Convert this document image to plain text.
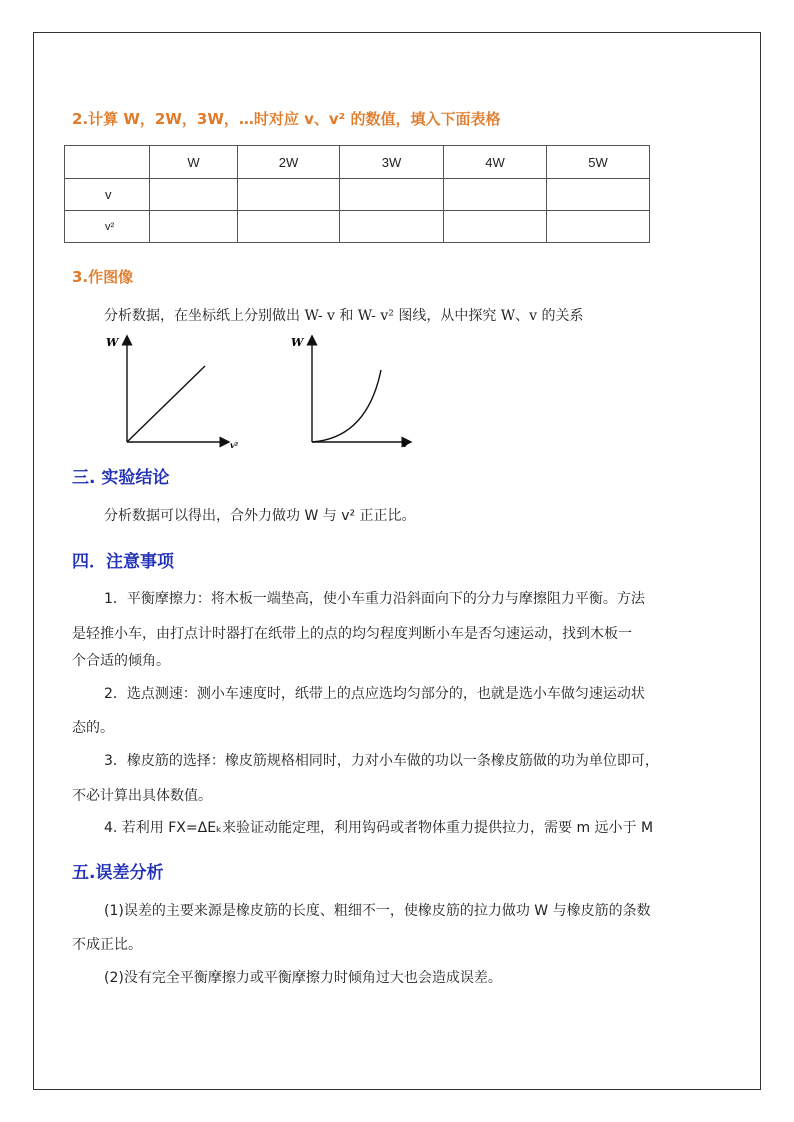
2.计算 W，2W，3W，…时对应 v、v² 的数值，填入下面表格
	W	2W	3W	4W	5W
v					
v²					
3.作图像
分析数据，在坐标纸上分别做出 W- v 和 W- v² 图线，从中探究 W、v 的关系
W
v²
W
v
三. 实验结论
分析数据可以得出，合外力做功 W 与 v² 正正比。
四．注意事项
1．平衡摩擦力：将木板一端垫高，使小车重力沿斜面向下的分力与摩擦阻力平衡。方法
是轻推小车，由打点计时器打在纸带上的点的均匀程度判断小车是否匀速运动，找到木板一
个合适的倾角。
2．选点测速：测小车速度时，纸带上的点应选均匀部分的，也就是选小车做匀速运动状
态的。
3．橡皮筋的选择：橡皮筋规格相同时，力对小车做的功以一条橡皮筋做的功为单位即可，
不必计算出具体数值。
4. 若利用 FX=ΔEₖ来验证动能定理，利用钩码或者物体重力提供拉力，需要 m 远小于 M
五.误差分析
(1)误差的主要来源是橡皮筋的长度、粗细不一，使橡皮筋的拉力做功 W 与橡皮筋的条数
不成正比。
(2)没有完全平衡摩擦力或平衡摩擦力时倾角过大也会造成误差。
